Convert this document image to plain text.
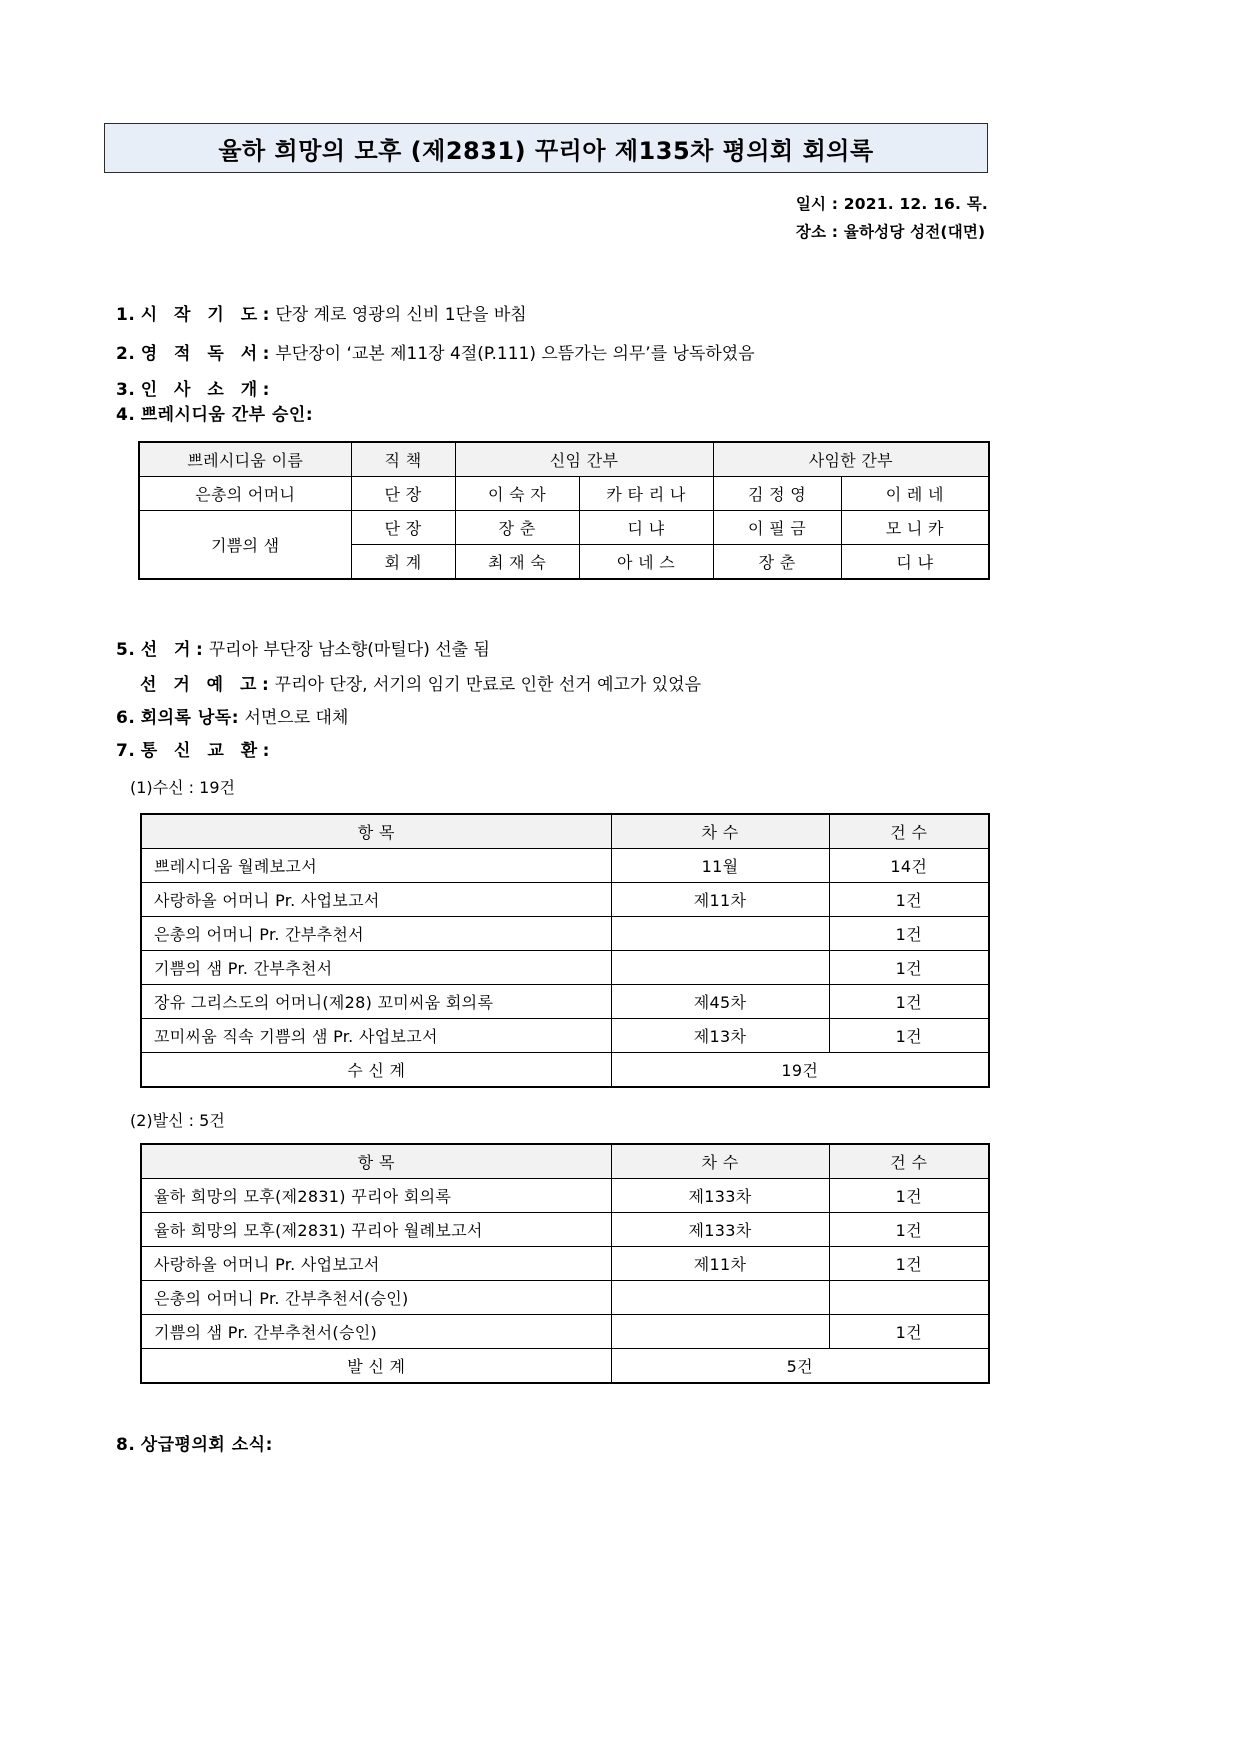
율하 희망의 모후 (제2831) 꾸리아 제135차 평의회 회의록
일시 : 2021. 12. 16. 목.
장소 : 율하성당 성전(대면)
1. 시 작 기 도: 단장 계로 영광의 신비 1단을 바침
2. 영 적 독 서: 부단장이 ‘교본 제11장 4절(P.111) 으뜸가는 의무’를 낭독하였음
3. 인 사 소 개:
4. 쁘레시디움 간부 승인:
쁘레시디움 이름	직 책	신임 간부		사임한 간부	
은총의 어머니	단 장	이 숙 자	카 타 리 나	김 정 영	이 레 네
기쁨의 샘	단 장	장 춘	디 냐	이 필 금	모 니 카
	회 계	최 재 숙	아 네 스	장 춘	디 냐
5. 선 거: 꾸리아 부단장 남소향(마틸다) 선출 됨
선 거 예 고: 꾸리아 단장, 서기의 임기 만료로 인한 선거 예고가 있었음
6. 회의록 낭독: 서면으로 대체
7. 통 신 교 환:
(1)수신 : 19건
항 목	차 수	건 수
쁘레시디움 월례보고서	11월	14건
사랑하올 어머니 Pr. 사업보고서	제11차	1건
은총의 어머니 Pr. 간부추천서		1건
기쁨의 샘 Pr. 간부추천서		1건
장유 그리스도의 어머니(제28) 꼬미씨움 회의록	제45차	1건
꼬미씨움 직속 기쁨의 샘 Pr. 사업보고서	제13차	1건
수 신 계	19건	
(2)발신 : 5건
항 목	차 수	건 수
율하 희망의 모후(제2831) 꾸리아 회의록	제133차	1건
율하 희망의 모후(제2831) 꾸리아 월례보고서	제133차	1건
사랑하올 어머니 Pr. 사업보고서	제11차	1건
은총의 어머니 Pr. 간부추천서(승인)		
기쁨의 샘 Pr. 간부추천서(승인)		1건
발 신 계	5건	
8. 상급평의회 소식:
